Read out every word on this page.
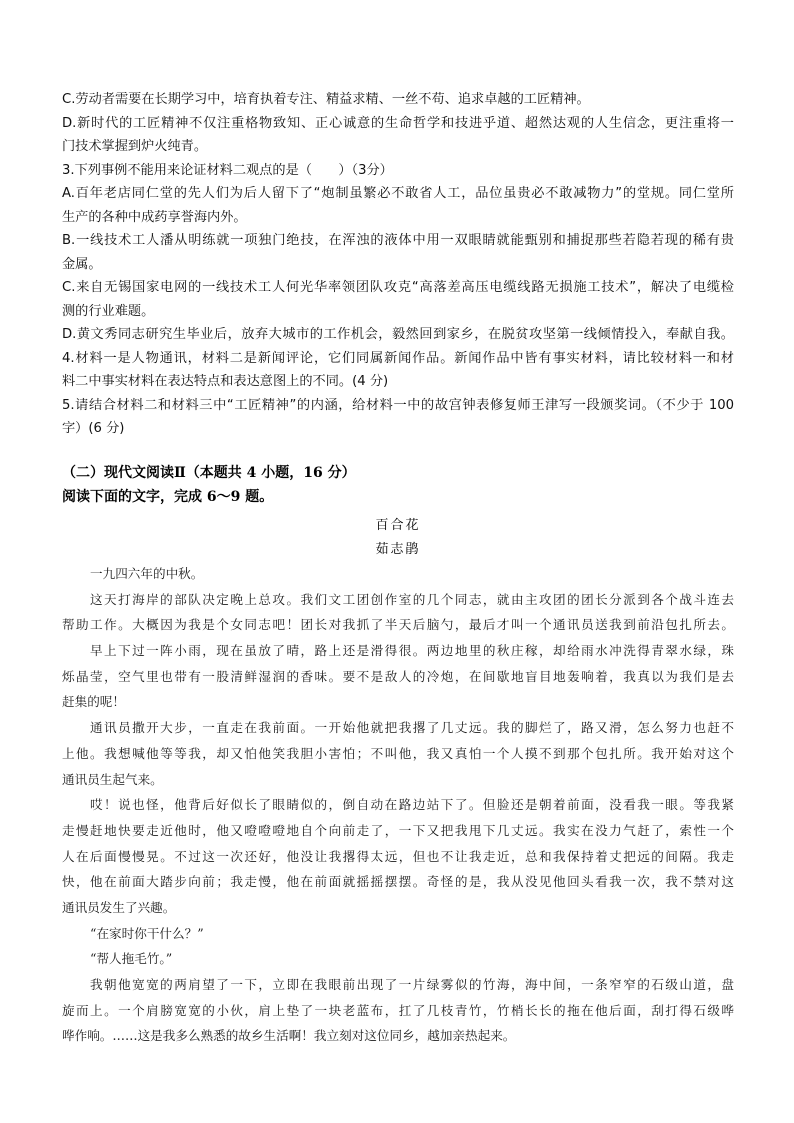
C.劳动者需要在长期学习中，培育执着专注、精益求精、一丝不苟、追求卓越的工匠精神。
D.新时代的工匠精神不仅注重格物致知、正心诚意的生命哲学和技进乎道、超然达观的人生信念，更注重将一
门技术掌握到炉火纯青。
3.下列事例不能用来论证材料二观点的是（　　）（3分）
A.百年老店同仁堂的先人们为后人留下了“炮制虽繁必不敢省人工，品位虽贵必不敢减物力”的堂规。同仁堂所
生产的各种中成药享誉海内外。
B.一线技术工人潘从明练就一项独门绝技，在浑浊的液体中用一双眼睛就能甄别和捕捉那些若隐若现的稀有贵
金属。
C.来自无锡国家电网的一线技术工人何光华率领团队攻克“高落差高压电缆线路无损施工技术”，解决了电缆检
测的行业难题。
D.黄文秀同志研究生毕业后，放弃大城市的工作机会，毅然回到家乡，在脱贫攻坚第一线倾情投入，奉献自我。
4.材料一是人物通讯，材料二是新闻评论，它们同属新闻作品。新闻作品中皆有事实材料，请比较材料一和材
料二中事实材料在表达特点和表达意图上的不同。(4 分)
5.请结合材料二和材料三中“工匠精神”的内涵，给材料一中的故宫钟表修复师王津写一段颁奖词。（不少于 100
字）(6 分)
（二）现代文阅读Ⅱ（本题共 4 小题，16 分）
阅读下面的文字，完成 6～9 题。
百合花
茹志鹃
一九四六年的中秋。
这天打海岸的部队决定晚上总攻。我们文工团创作室的几个同志，就由主攻团的团长分派到各个战斗连去
帮助工作。大概因为我是个女同志吧！团长对我抓了半天后脑勺，最后才叫一个通讯员送我到前沿包扎所去。
早上下过一阵小雨，现在虽放了晴，路上还是滑得很。两边地里的秋庄稼，却给雨水冲洗得青翠水绿，珠
烁晶莹，空气里也带有一股清鲜湿润的香味。要不是敌人的冷炮，在间歇地盲目地轰响着，我真以为我们是去
赶集的呢！
通讯员撒开大步，一直走在我前面。一开始他就把我撂了几丈远。我的脚烂了，路又滑，怎么努力也赶不
上他。我想喊他等等我，却又怕他笑我胆小害怕；不叫他，我又真怕一个人摸不到那个包扎所。我开始对这个
通讯员生起气来。
哎！说也怪，他背后好似长了眼睛似的，倒自动在路边站下了。但脸还是朝着前面，没看我一眼。等我紧
走慢赶地快要走近他时，他又噔噔噔地自个向前走了，一下又把我甩下几丈远。我实在没力气赶了，索性一个
人在后面慢慢晃。不过这一次还好，他没让我撂得太远，但也不让我走近，总和我保持着丈把远的间隔。我走
快，他在前面大踏步向前；我走慢，他在前面就摇摇摆摆。奇怪的是，我从没见他回头看我一次，我不禁对这
通讯员发生了兴趣。
“在家时你干什么？”
“帮人拖毛竹。”
我朝他宽宽的两肩望了一下，立即在我眼前出现了一片绿雾似的竹海，海中间，一条窄窄的石级山道，盘
旋而上。一个肩膀宽宽的小伙，肩上垫了一块老蓝布，扛了几枝青竹，竹梢长长的拖在他后面，刮打得石级哗
哗作响。……这是我多么熟悉的故乡生活啊！我立刻对这位同乡，越加亲热起来。
